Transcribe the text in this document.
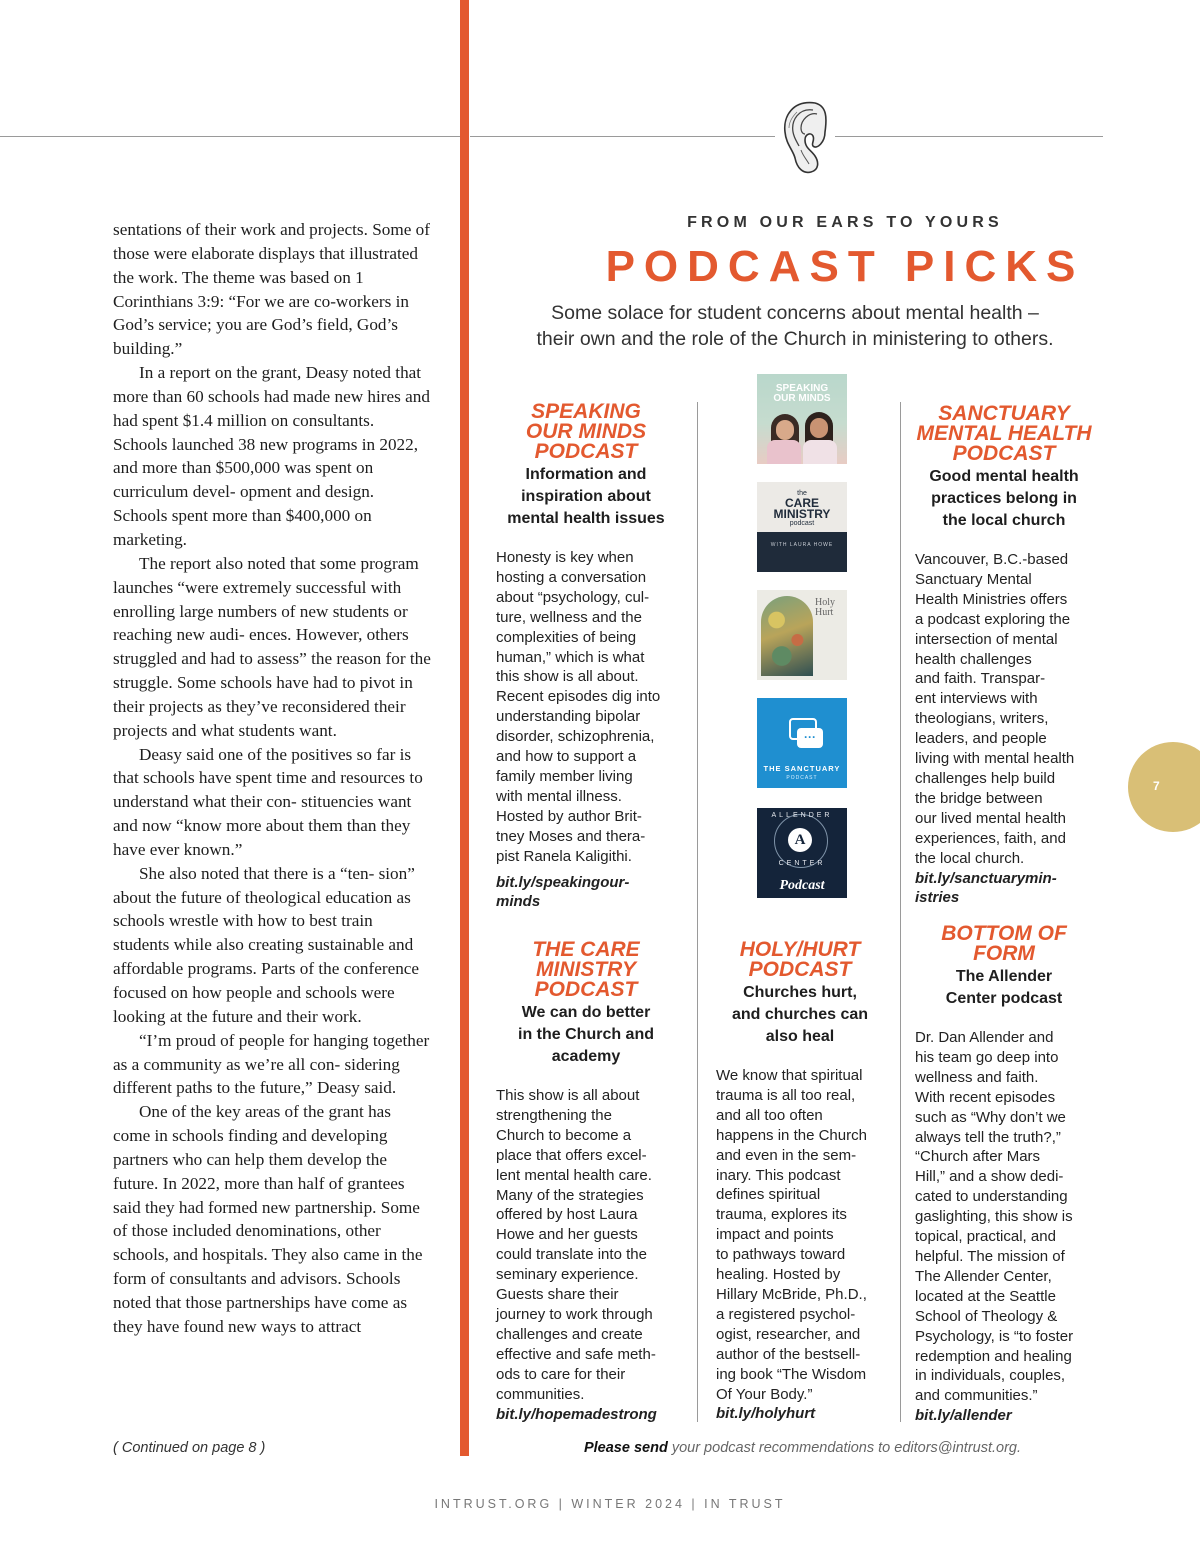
sentations of their work and projects. Some of those were elaborate displays that illustrated the work. The theme was based on 1 Corinthians 3:9: “For we are co-workers in God’s service; you are God’s field, God’s building.”

In a report on the grant, Deasy noted that more than 60 schools had made new hires and had spent $1.4 million on consultants. Schools launched 38 new programs in 2022, and more than $500,000 was spent on curriculum devel- opment and design. Schools spent more than $400,000 on marketing.

The report also noted that some program launches “were extremely successful with enrolling large numbers of new students or reaching new audi- ences. However, others struggled and had to assess” the reason for the struggle. Some schools have had to pivot in their projects as they’ve reconsidered their projects and what students want.

Deasy said one of the positives so far is that schools have spent time and resources to understand what their con- stituencies want and now “know more about them than they have ever known.”

She also noted that there is a “ten- sion” about the future of theological education as schools wrestle with how to best train students while also creating sustainable and affordable programs. Parts of the conference focused on how people and schools were looking at the future and their work.

“I’m proud of people for hanging together as a community as we’re all con- sidering different paths to the future,” Deasy said.

One of the key areas of the grant has come in schools finding and developing partners who can help them develop the future. In 2022, more than half of grantees said they had formed new partnership. Some of those included denominations, other schools, and hospitals. They also came in the form of consultants and advisors. Schools noted that those partnerships have come as they have found new ways to attract

( Continued on page 8 )
FROM OUR EARS TO YOURS
PODCAST PICKS
Some solace for student concerns about mental health –
their own and the role of the Church in ministering to others.
SPEAKING
OUR MINDS
PODCAST
Information and
inspiration about
mental health issues
Honesty is key when
hosting a conversation
about “psychology, cul-
ture, wellness and the
complexities of being
human,” which is what
this show is all about.
Recent episodes dig into
understanding bipolar
disorder, schizophrenia,
and how to support a
family member living
with mental illness.
Hosted by author Brit-
tney Moses and thera-
pist Ranela Kaligithi.
bit.ly/speakingour-
minds
SANCTUARY
MENTAL HEALTH
PODCAST
Good mental health
practices belong in
the local church
Vancouver, B.C.-based
Sanctuary Mental
Health Ministries offers
a podcast exploring the
intersection of mental
health challenges
and faith. Transpar-
ent interviews with
theologians, writers,
leaders, and people
living with mental health
challenges help build
the bridge between
our lived mental health
experiences, faith, and
the local church.
bit.ly/sanctuarymin-
istries
THE CARE
MINISTRY
PODCAST
We can do better
in the Church and
academy
This show is all about
strengthening the
Church to become a
place that offers excel-
lent mental health care.
Many of the strategies
offered by host Laura
Howe and her guests
could translate into the
seminary experience.
Guests share their
journey to work through
challenges and create
effective and safe meth-
ods to care for their
communities.
bit.ly/hopemadestrong
HOLY/HURT
PODCAST
Churches hurt,
and churches can
also heal
We know that spiritual
trauma is all too real,
and all too often
happens in the Church
and even in the sem-
inary. This podcast
defines spiritual
trauma, explores its
impact and points
to pathways toward
healing. Hosted by
Hillary McBride, Ph.D.,
a registered psychol-
ogist, researcher, and
author of the bestsell-
ing book “The Wisdom
Of Your Body.”
bit.ly/holyhurt
BOTTOM OF
FORM
The Allender
Center podcast
Dr. Dan Allender and
his team go deep into
wellness and faith.
With recent episodes
such as “Why don’t we
always tell the truth?,”
“Church after Mars
Hill,” and a show dedi-
cated to understanding
gaslighting, this show is
topical, practical, and
helpful. The mission of
The Allender Center,
located at the Seattle
School of Theology &
Psychology, is “to foster
redemption and healing
in individuals, couples,
and communities.”
bit.ly/allender
SPEAKING
OUR MINDS
the
CARE
MINISTRY
podcast
WITH LAURA HOWE
Holy
Hurt
···
THE SANCTUARY
PODCAST
ALLENDER
CENTER
A
Podcast
Please send your podcast recommendations to editors@intrust.org.
INTRUST.ORG | WINTER 2024 | IN TRUST
7
